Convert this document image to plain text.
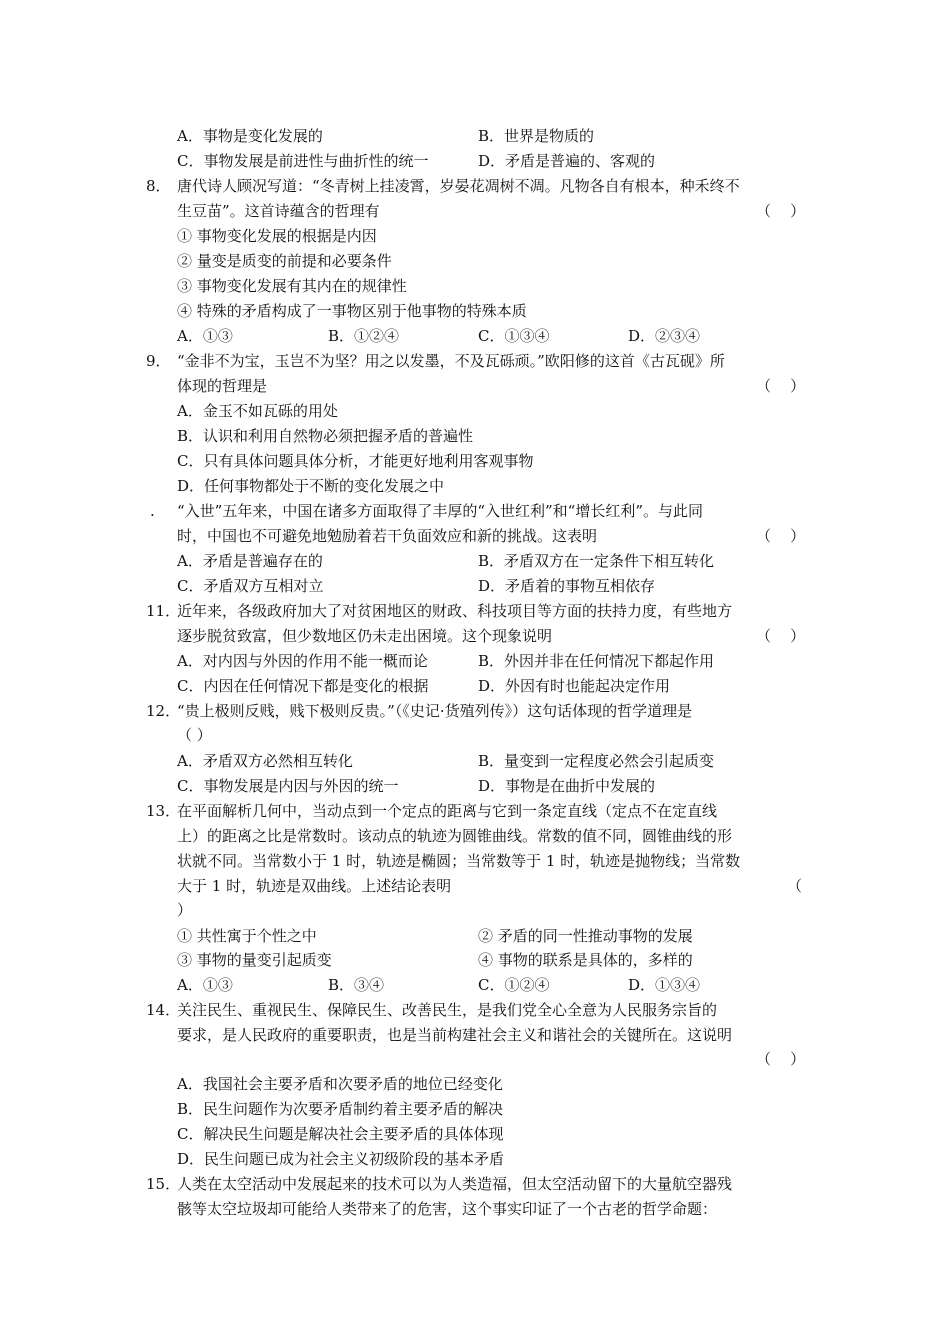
A．事物是变化发展的	B．世界是物质的
C．事物发展是前进性与曲折性的统一	D．矛盾是普遍的、客观的
8． 唐代诗人顾况写道：“冬青树上挂凌霄，岁晏花凋树不凋。凡物各自有根本，种禾终不
生豆苗”。这首诗蕴含的哲理有	（    ）
① 事物变化发展的根据是内因
② 量变是质变的前提和必要条件
③ 事物变化发展有其内在的规律性
④ 特殊的矛盾构成了一事物区别于他事物的特殊本质
A．①③	B．①②④	C．①③④	D．②③④
9． “金非不为宝，玉岂不为坚？用之以发墨，不及瓦砾顽。”欧阳修的这首《古瓦砚》所
体现的哲理是	（    ）
A．金玉不如瓦砾的用处
B．认识和利用自然物必须把握矛盾的普遍性
C．只有具体问题具体分析，才能更好地利用客观事物
D．任何事物都处于不断的变化发展之中
. “入世”五年来，中国在诸多方面取得了丰厚的“入世红利”和“增长红利”。与此同
时，中国也不可避免地勉励着若干负面效应和新的挑战。这表明	（    ）
A．矛盾是普遍存在的	B．矛盾双方在一定条件下相互转化
C．矛盾双方互相对立	D．矛盾着的事物互相依存
11．
近年来，各级政府加大了对贫困地区的财政、科技项目等方面的扶持力度，有些地方
逐步脱贫致富，但少数地区仍未走出困境。这个现象说明	（    ）
A．对内因与外因的作用不能一概而论	B．外因并非在任何情况下都起作用
C．内因在任何情况下都是变化的根据	D．外因有时也能起决定作用
12．
“贵上极则反贱，贱下极则反贵。”（《史记·货殖列传》）这句话体现的哲学道理是
（ ）
A．矛盾双方必然相互转化	B．量变到一定程度必然会引起质变
C．事物发展是内因与外因的统一	D．事物是在曲折中发展的
13．
在平面解析几何中，当动点到一个定点的距离与它到一条定直线（定点不在定直线
上）的距离之比是常数时。该动点的轨迹为圆锥曲线。常数的值不同，圆锥曲线的形
状就不同。当常数小于 1 时，轨迹是椭圆；当常数等于 1 时，轨迹是抛物线；当常数
大于 1 时，轨迹是双曲线。上述结论表明	（
）
① 共性寓于个性之中	② 矛盾的同一性推动事物的发展
③ 事物的量变引起质变	④ 事物的联系是具体的，多样的
A．①③	B．③④	C．①②④	D．①③④
14．
关注民生、重视民生、保障民生、改善民生，是我们党全心全意为人民服务宗旨的
要求，是人民政府的重要职责，也是当前构建社会主义和谐社会的关键所在。这说明
（    ）
A．我国社会主要矛盾和次要矛盾的地位已经变化
B．民生问题作为次要矛盾制约着主要矛盾的解决
C．解决民生问题是解决社会主要矛盾的具体体现
D．民生问题已成为社会主义初级阶段的基本矛盾
15．
人类在太空活动中发展起来的技术可以为人类造福，但太空活动留下的大量航空器残
骸等太空垃圾却可能给人类带来了的危害，这个事实印证了一个古老的哲学命题：
